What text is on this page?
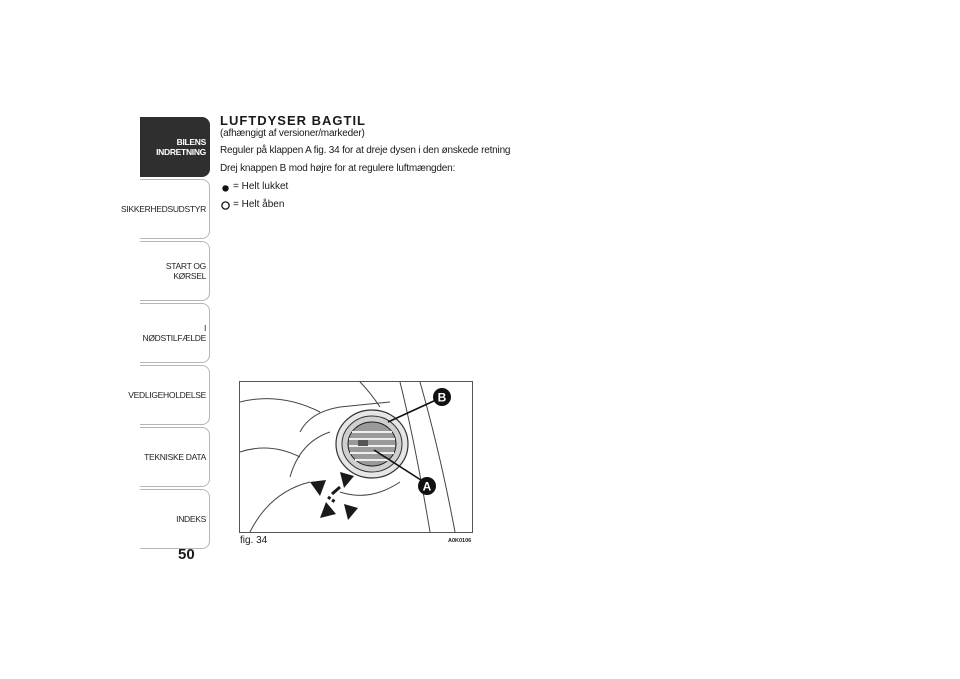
BILENS
INDRETNING
SIKKERHEDSUDSTYR
START OG KØRSEL
I NØDSTILFÆLDE
VEDLIGEHOLDELSE
TEKNISKE DATA
INDEKS
50
LUFTDYSER BAGTIL

(afhængigt af versioner/markeder)

Reguler på klappen A fig. 34 for at dreje dysen i den ønskede retning

Drej knappen B mod højre for at regulere luftmængden:

= Helt lukket
= Helt åben
B
A
fig. 34	A0K0106
